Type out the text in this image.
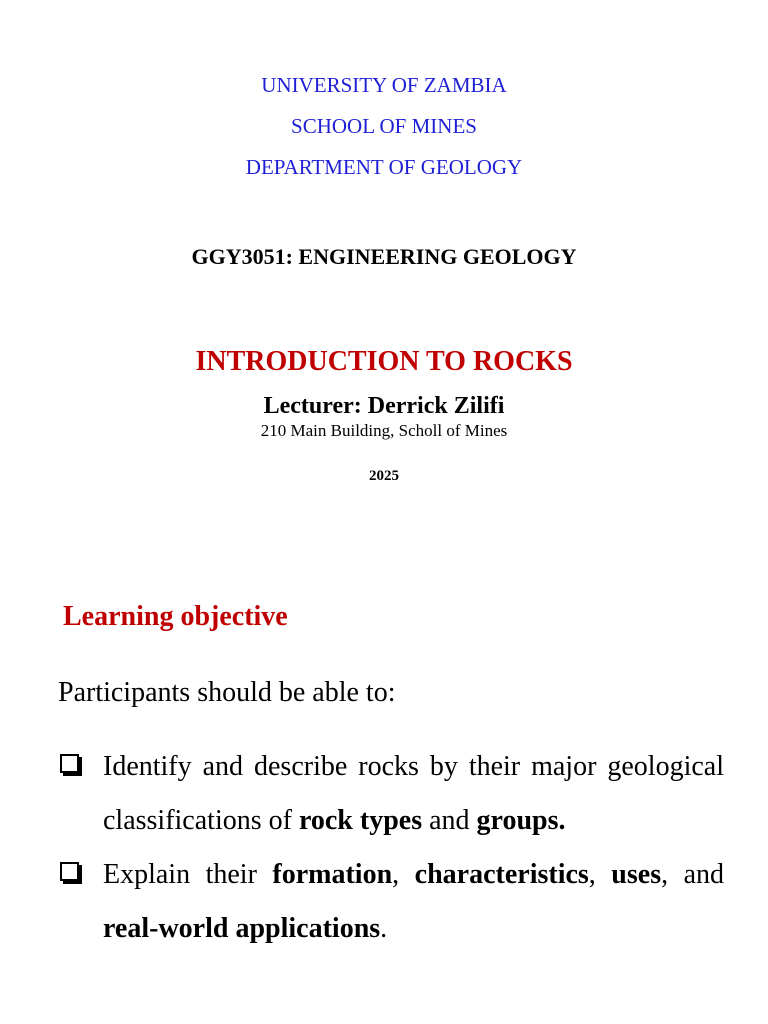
UNIVERSITY OF ZAMBIA

SCHOOL OF MINES

DEPARTMENT OF GEOLOGY

GGY3051: ENGINEERING GEOLOGY

INTRODUCTION TO ROCKS

Lecturer: Derrick Zilifi

210 Main Building, Scholl of Mines

2025

Learning objective

Participants should be able to:

Identify and describe rocks by their major geological classifications of rock types and groups.
Explain their formation, characteristics, uses, and real-world applications.
